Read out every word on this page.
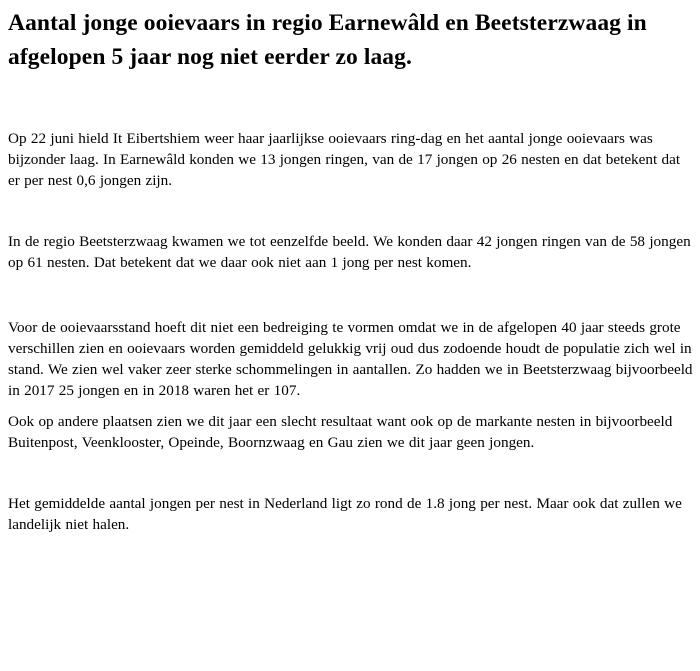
Aantal jonge ooievaars in regio Earnewâld en Beetsterzwaag in afgelopen 5 jaar nog niet eerder zo laag.

Op 22 juni hield It Eibertshiem weer haar jaarlijkse ooievaars ring-dag en het aantal jonge ooievaars was bijzonder laag. In Earnewâld konden we 13 jongen ringen, van de 17 jongen op 26 nesten en dat betekent dat er per nest 0,6 jongen zijn.

In de regio Beetsterzwaag kwamen we tot eenzelfde beeld. We konden daar 42 jongen ringen van de 58 jongen op 61 nesten. Dat betekent dat we daar ook niet aan 1 jong per nest komen.

Voor de ooievaarsstand hoeft dit niet een bedreiging te vormen omdat we in de afgelopen 40 jaar steeds grote verschillen zien en ooievaars worden gemiddeld gelukkig vrij oud dus zodoende houdt de populatie zich wel in stand. We zien wel vaker zeer sterke schommelingen in aantallen. Zo hadden we in Beetsterzwaag bijvoorbeeld in 2017 25 jongen en in 2018 waren het er 107.

Ook op andere plaatsen zien we dit jaar een slecht resultaat want ook op de markante nesten in bijvoorbeeld Buitenpost, Veenklooster, Opeinde, Boornzwaag en Gau zien we dit jaar geen jongen.

Het gemiddelde aantal jongen per nest in Nederland ligt zo rond de 1.8 jong per nest. Maar ook dat zullen we landelijk niet halen.
